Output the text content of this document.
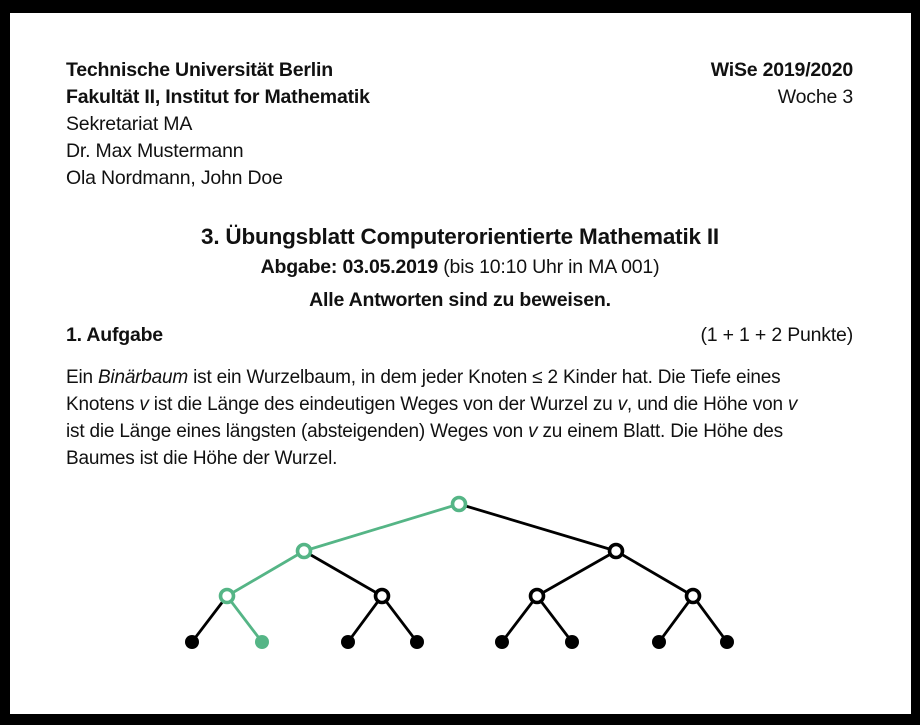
Technische Universität Berlin
Fakultät II, Institut for Mathematik
Sekretariat MA
Dr. Max Mustermann
Ola Nordmann, John Doe
WiSe 2019/2020
Woche 3
3. Übungsblatt Computerorientierte Mathematik II
Abgabe: 03.05.2019 (bis 10:10 Uhr in MA 001)
Alle Antworten sind zu beweisen.
1. Aufgabe	(1 + 1 + 2 Punkte)
Ein Binärbaum ist ein Wurzelbaum, in dem jeder Knoten ≤ 2 Kinder hat. Die Tiefe eines
Knotens v ist die Länge des eindeutigen Weges von der Wurzel zu v, und die Höhe von v
ist die Länge eines längsten (absteigenden) Weges von v zu einem Blatt. Die Höhe des
Baumes ist die Höhe der Wurzel.
